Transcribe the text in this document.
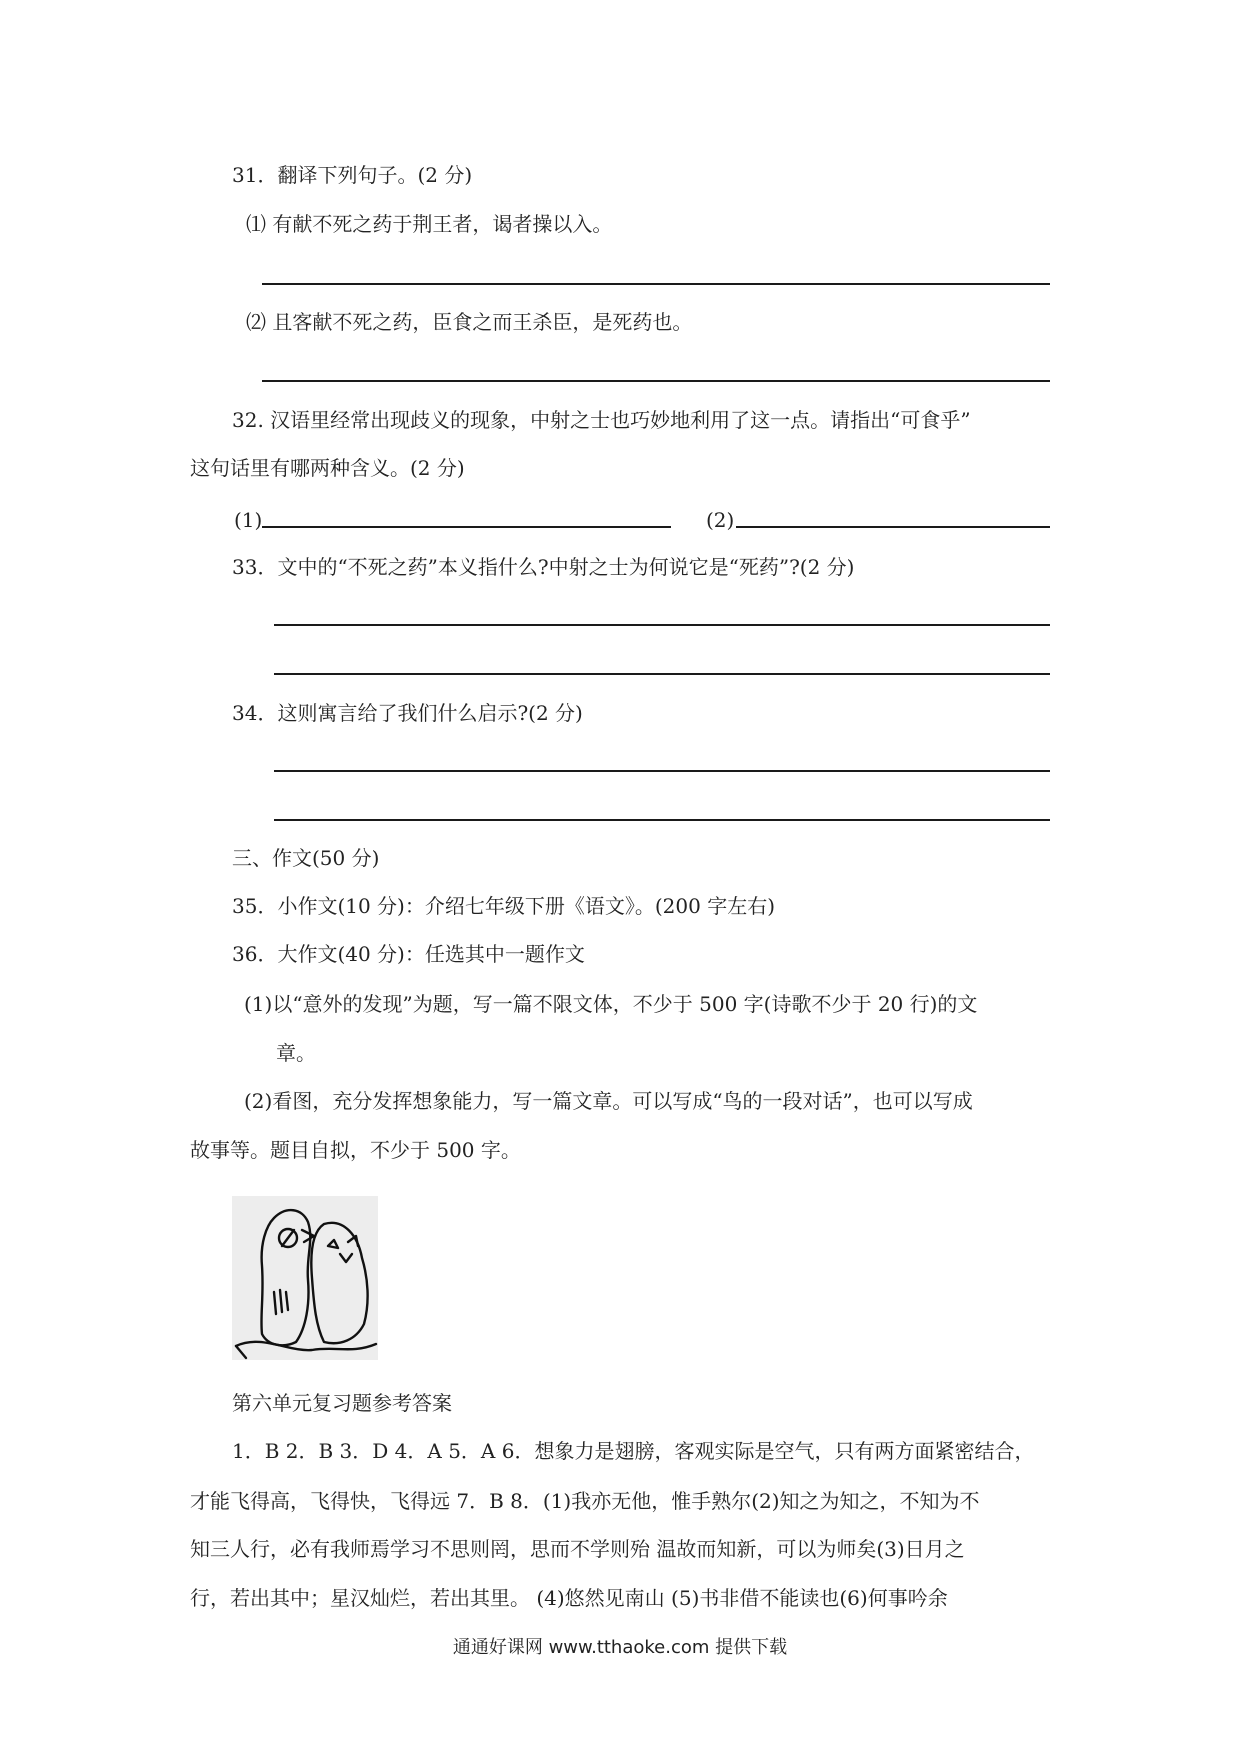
31．翻译下列句子。(2 分)

⑴ 有献不死之药于荆王者，谒者操以入。

⑵ 且客献不死之药，臣食之而王杀臣，是死药也。

32. 汉语里经常出现歧义的现象，中射之士也巧妙地利用了这一点。请指出“可食乎”

这句话里有哪两种含义。(2 分)

(1)	(2)

33．文中的“不死之药”本义指什么?中射之士为何说它是“死药”?(2 分)

34．这则寓言给了我们什么启示?(2 分)

三、作文(50 分)

35．小作文(10 分)：介绍七年级下册《语文》。(200 字左右)

36．大作文(40 分)：任选其中一题作文

(1)以“意外的发现”为题，写一篇不限文体，不少于 500 字(诗歌不少于 20 行)的文

章。

(2)看图，充分发挥想象能力，写一篇文章。可以写成“鸟的一段对话”，也可以写成

故事等。题目自拟，不少于 500 字。

第六单元复习题参考答案

1．B 2．B 3．D 4．A 5．A 6．想象力是翅膀，客观实际是空气，只有两方面紧密结合，

才能飞得高，飞得快，飞得远 7．B 8．(1)我亦无他，惟手熟尔(2)知之为知之，不知为不

知三人行，必有我师焉学习不思则罔，思而不学则殆 温故而知新，可以为师矣(3)日月之

行，若出其中；星汉灿烂，若出其里。 (4)悠然见南山 (5)书非借不能读也(6)何事吟余

通通好课网 www.tthaoke.com 提供下载
